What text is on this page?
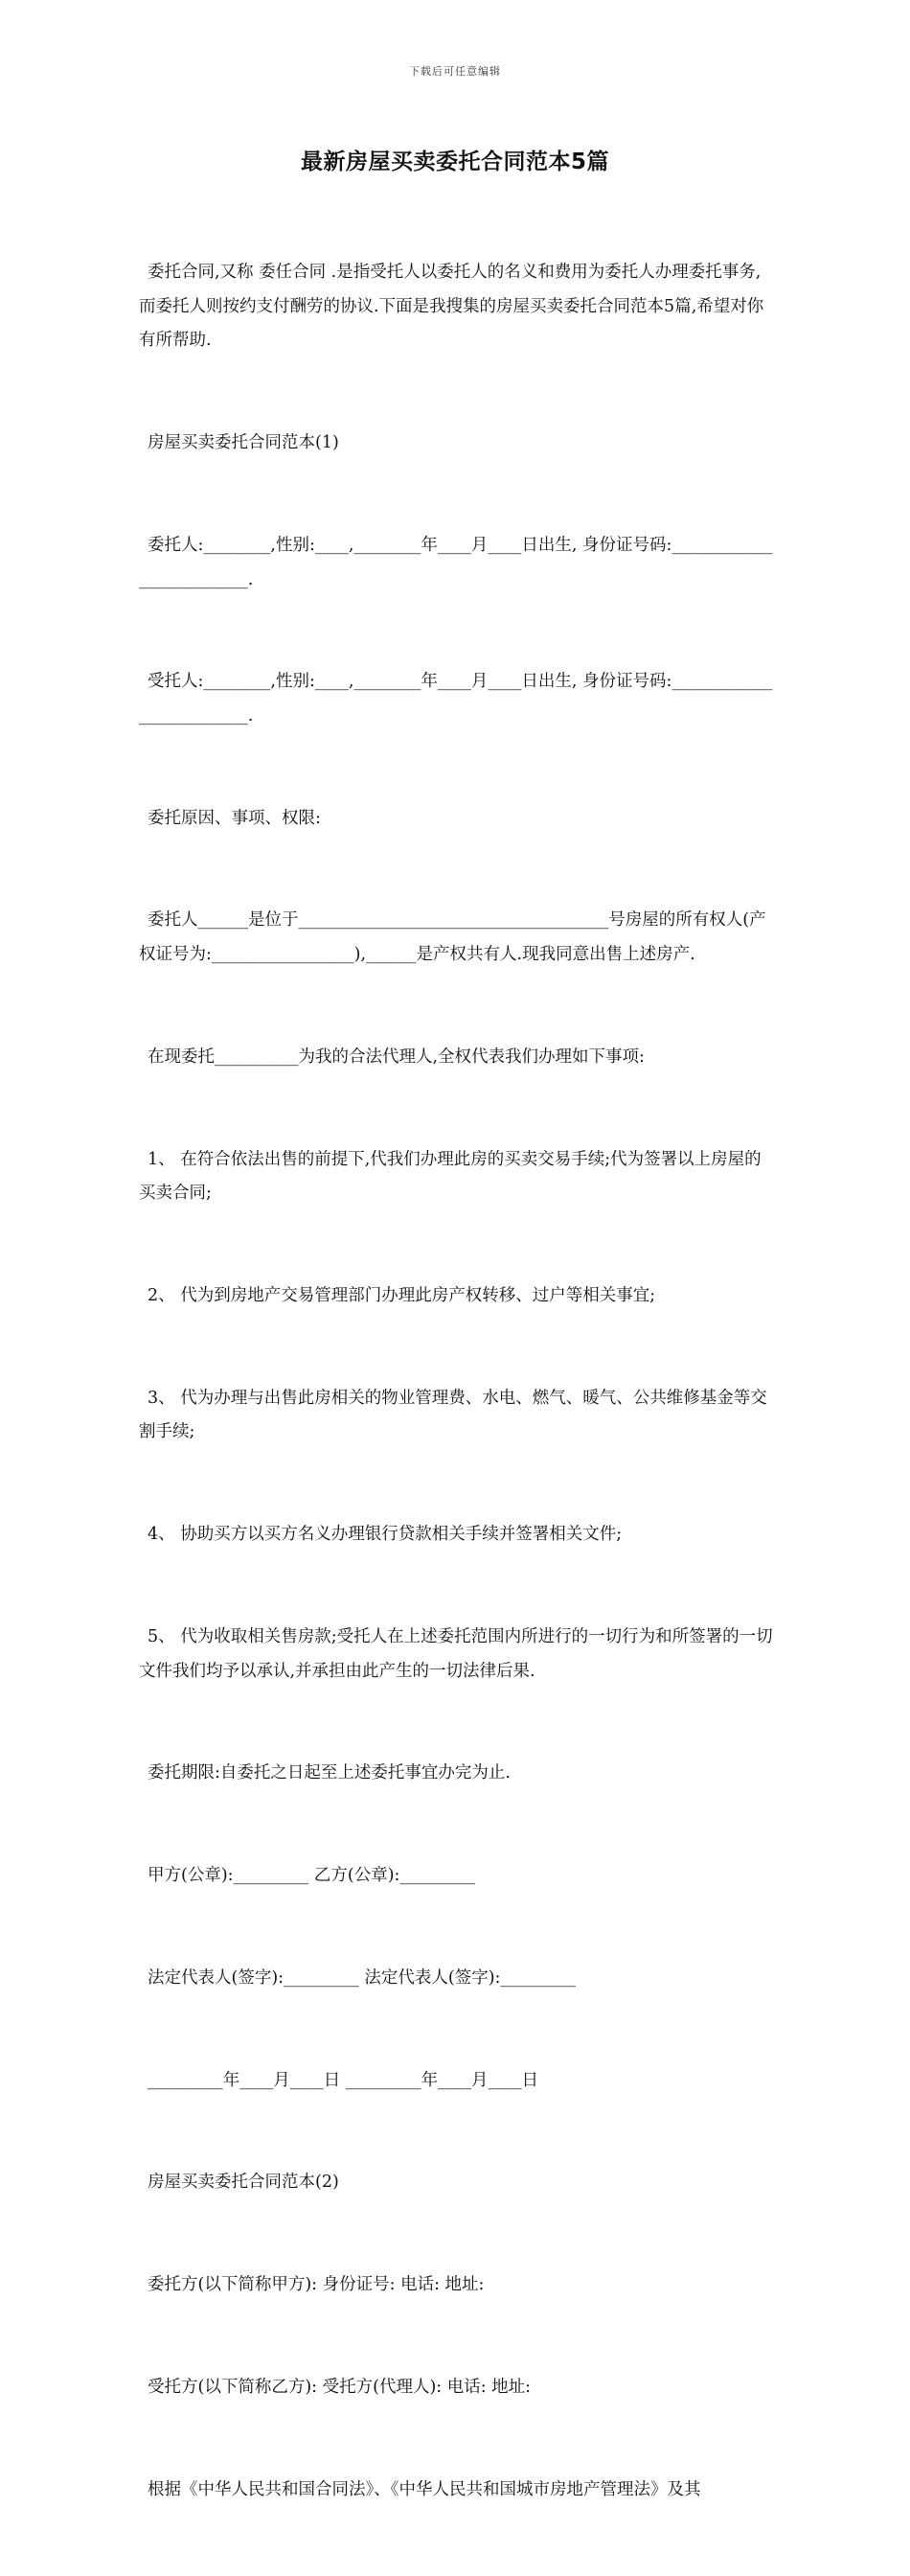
下载后可任意编辑
最新房屋买卖委托合同范本5篇

委托合同,又称 委任合同 .是指受托人以委托人的名义和费用为委托人办理委托事务,而委托人则按约支付酬劳的协议.下面是我搜集的房屋买卖委托合同范本5篇,希望对你有所帮助.

房屋买卖委托合同范本(1)

委托人:________,性别:____,________年____月____日出生, 身份证号码:_________________________.

受托人:________,性别:____,________年____月____日出生, 身份证号码:_________________________.

委托原因、事项、权限:

委托人______是位于_____________________________________号房屋的所有权人(产权证号为:_________________),______是产权共有人.现我同意出售上述房产.

在现委托__________为我的合法代理人,全权代表我们办理如下事项:

1、 在符合依法出售的前提下,代我们办理此房的买卖交易手续;代为签署以上房屋的买卖合同;

2、 代为到房地产交易管理部门办理此房产权转移、过户等相关事宜;

3、 代为办理与出售此房相关的物业管理费、水电、燃气、暖气、公共维修基金等交割手续;

4、 协助买方以买方名义办理银行贷款相关手续并签署相关文件;

5、 代为收取相关售房款;受托人在上述委托范围内所进行的一切行为和所签署的一切文件我们均予以承认,并承担由此产生的一切法律后果.

委托期限:自委托之日起至上述委托事宜办完为止.

甲方(公章):_________ 乙方(公章):_________

法定代表人(签字):_________ 法定代表人(签字):_________

_________年____月____日 _________年____月____日

房屋买卖委托合同范本(2)

委托方(以下简称甲方): 身份证号: 电话: 地址:

受托方(以下简称乙方): 受托方(代理人): 电话: 地址:

根据《中华人民共和国合同法》、《中华人民共和国城市房地产管理法》及其
